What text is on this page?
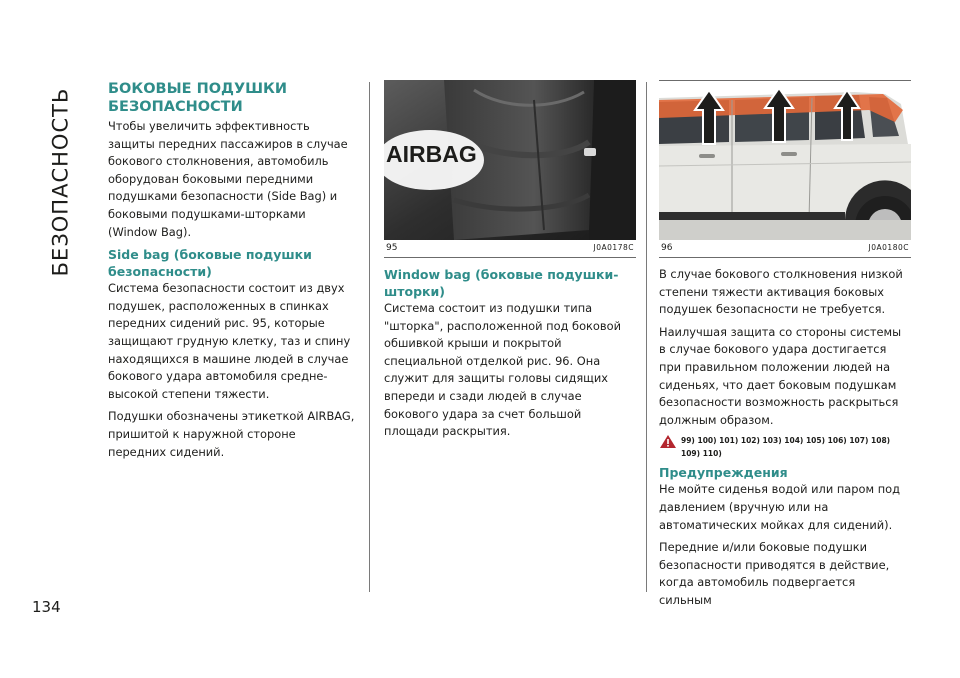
БЕЗОПАСНОСТЬ
134
БОКОВЫЕ ПОДУШКИ БЕЗОПАСНОСТИ

Чтобы увеличить эффективность защиты передних пассажиров в случае бокового столкновения, автомобиль оборудован боковыми передними подушками безопасности (Side Bag) и боковыми подушками-шторками (Window Bag).

Side bag (боковые подушки безопасности)

Система безопасности состоит из двух подушек, расположенных в спинках передних сидений рис. 95, которые защищают грудную клетку, таз и спину находящихся в машине людей в случае бокового удара автомобиля средне-высокой степени тяжести.

Подушки обозначены этикеткой AIRBAG, пришитой к наружной стороне передних сидений.

AIRBAG
95	J0A0178C
Window bag (боковые подушки-шторки)

Система состоит из подушки типа "шторка", расположенной под боковой обшивкой крыши и покрытой специальной отделкой рис. 96. Она служит для защиты головы сидящих впереди и сзади людей в случае бокового удара за счет большой площади раскрытия.

96	J0A0180C

В случае бокового столкновения низкой степени тяжести активация боковых подушек безопасности не требуется.

Наилучшая защита со стороны системы в случае бокового удара достигается при правильном положении людей на сиденьях, что дает боковым подушкам безопасности возможность раскрыться должным образом.

99) 100) 101) 102) 103) 104) 105) 106) 107) 108) 109) 110)
Предупреждения

Не мойте сиденья водой или паром под давлением (вручную или на автоматических мойках для сидений).

Передние и/или боковые подушки безопасности приводятся в действие, когда автомобиль подвергается сильным
